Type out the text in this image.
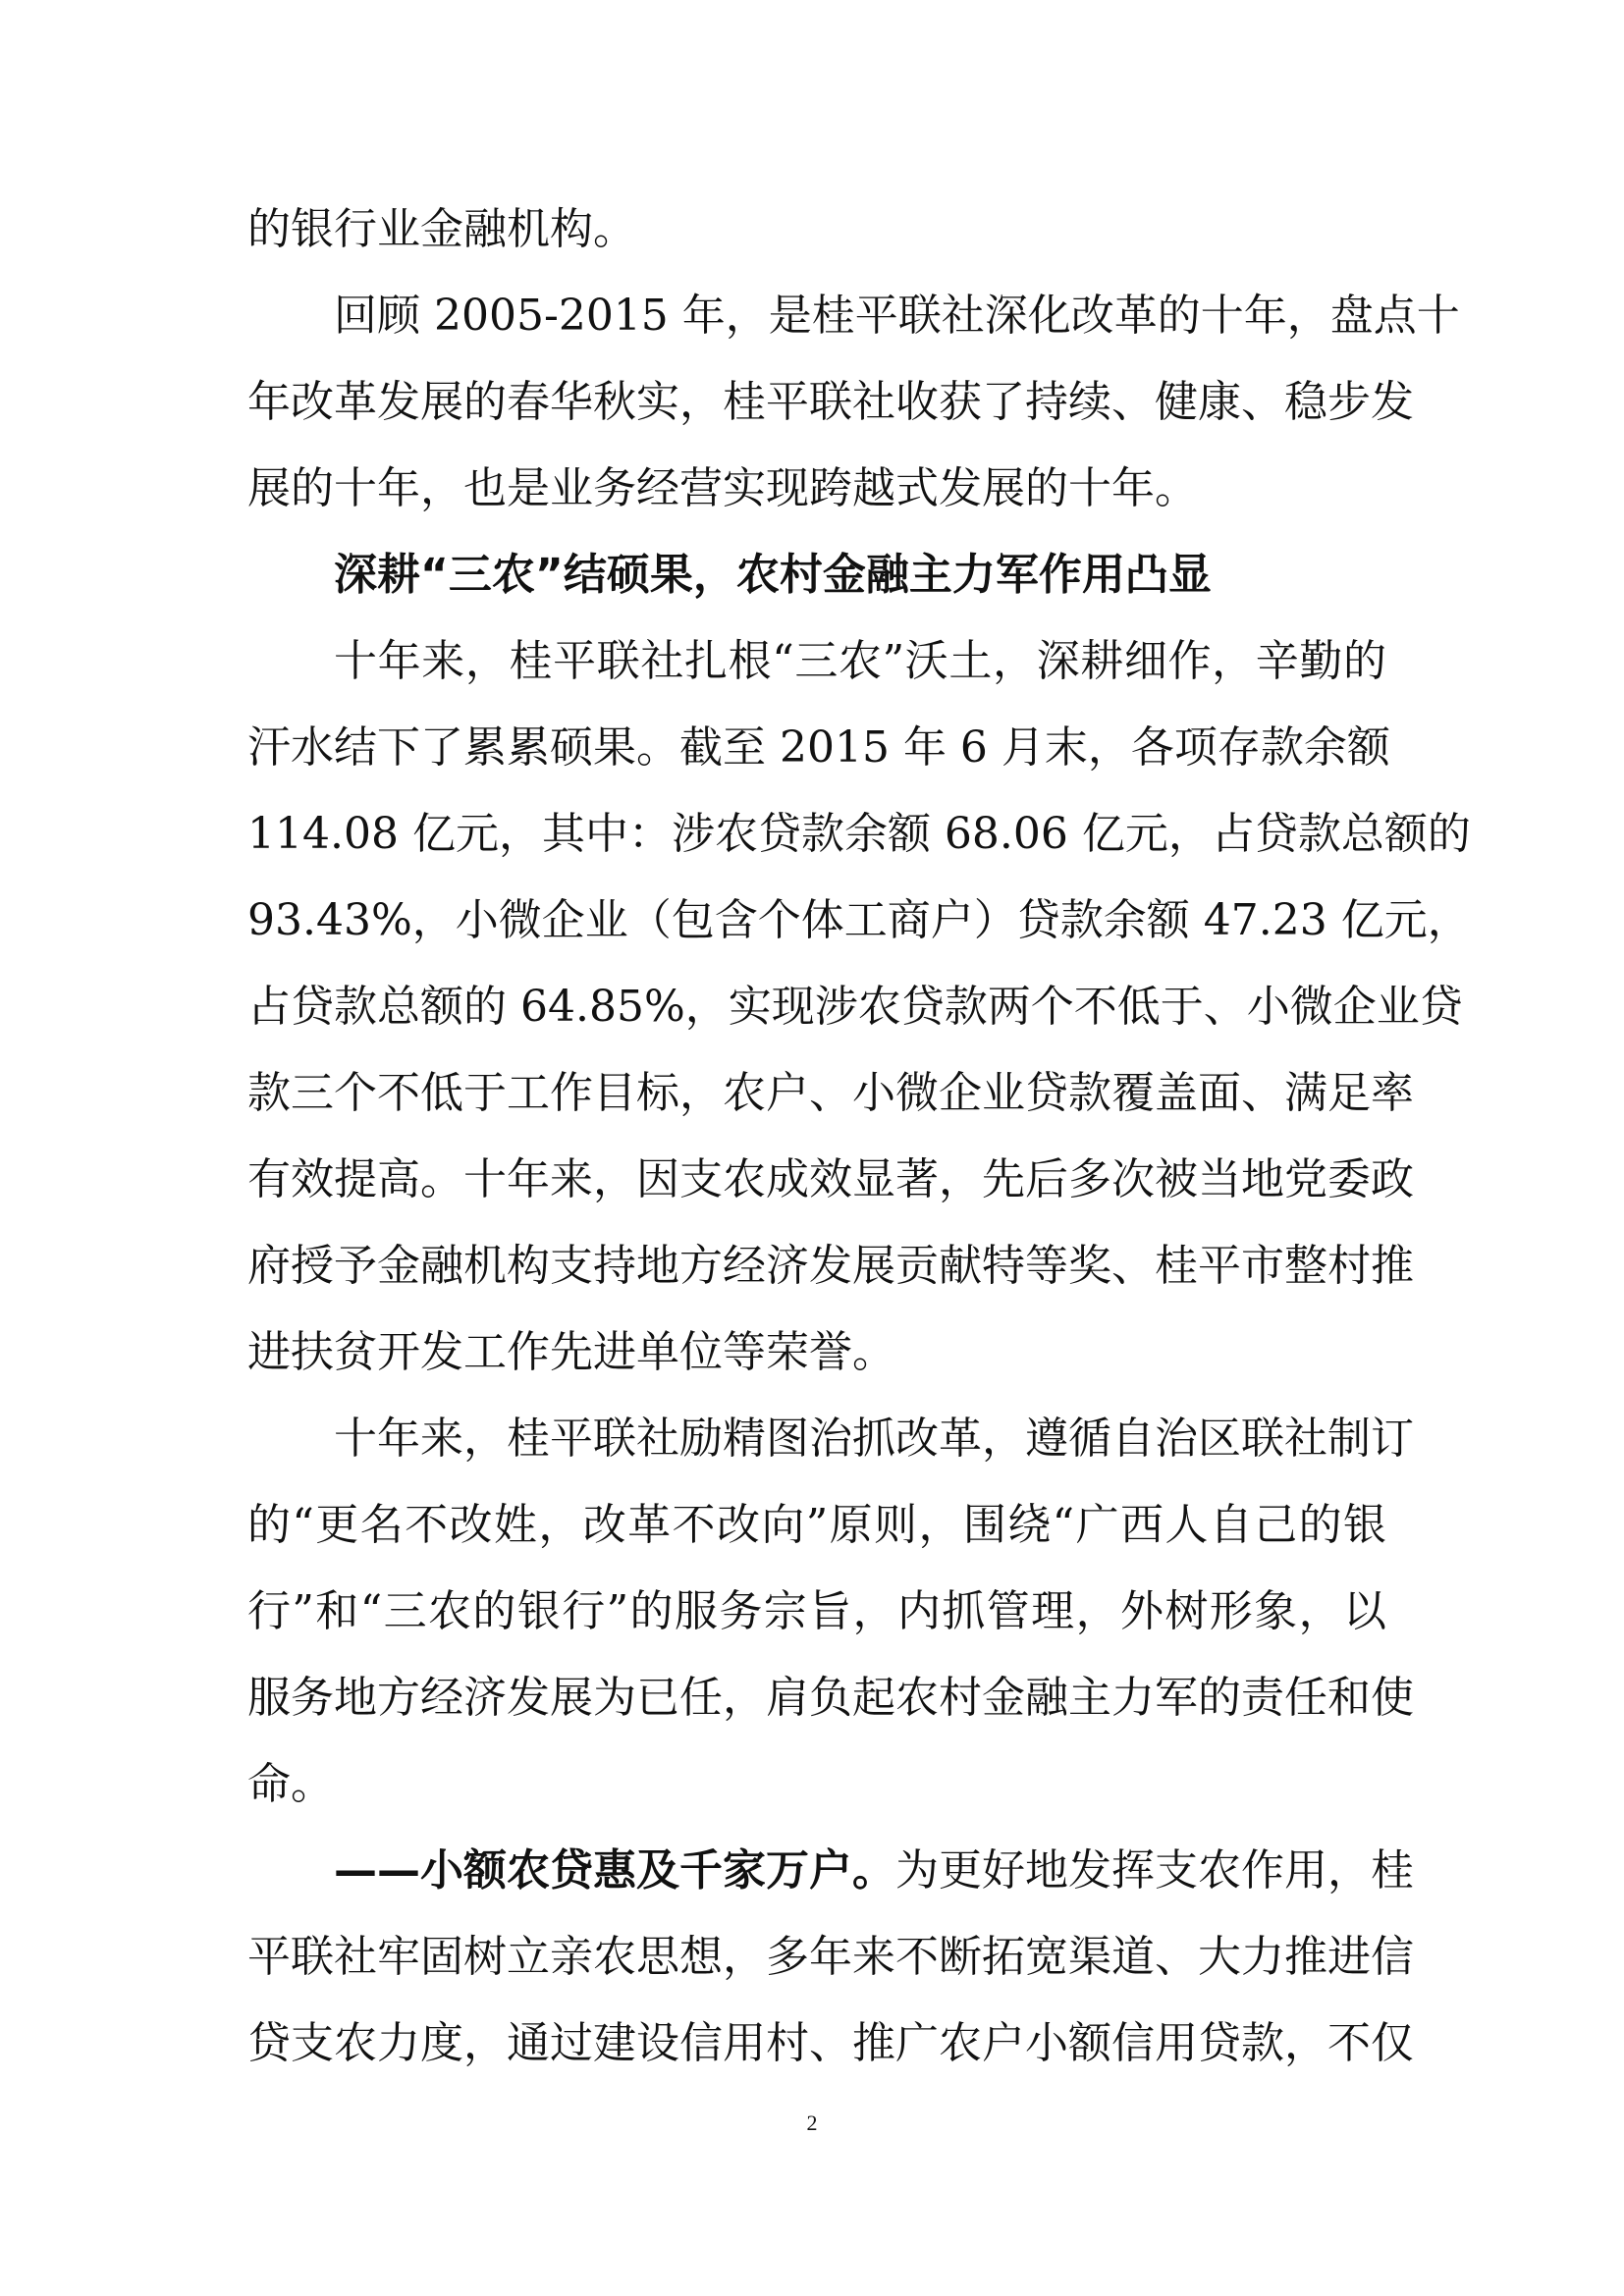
的银行业金融机构。
回顾 2005-2015 年，是桂平联社深化改革的十年，盘点十
年改革发展的春华秋实，桂平联社收获了持续、健康、稳步发
展的十年，也是业务经营实现跨越式发展的十年。
深耕“三农”结硕果，农村金融主力军作用凸显
十年来，桂平联社扎根“三农”沃土，深耕细作，辛勤的
汗水结下了累累硕果。截至 2015 年 6 月末，各项存款余额
114.08 亿元，其中：涉农贷款余额 68.06 亿元，占贷款总额的
93.43%，小微企业（包含个体工商户）贷款余额 47.23 亿元，
占贷款总额的 64.85%，实现涉农贷款两个不低于、小微企业贷
款三个不低于工作目标，农户、小微企业贷款覆盖面、满足率
有效提高。十年来，因支农成效显著，先后多次被当地党委政
府授予金融机构支持地方经济发展贡献特等奖、桂平市整村推
进扶贫开发工作先进单位等荣誉。
十年来，桂平联社励精图治抓改革，遵循自治区联社制订
的“更名不改姓，改革不改向”原则，围绕“广西人自己的银
行”和“三农的银行”的服务宗旨，内抓管理，外树形象，以
服务地方经济发展为已任，肩负起农村金融主力军的责任和使
命。
——小额农贷惠及千家万户。为更好地发挥支农作用，桂
平联社牢固树立亲农思想，多年来不断拓宽渠道、大力推进信
贷支农力度，通过建设信用村、推广农户小额信用贷款，不仅
2
